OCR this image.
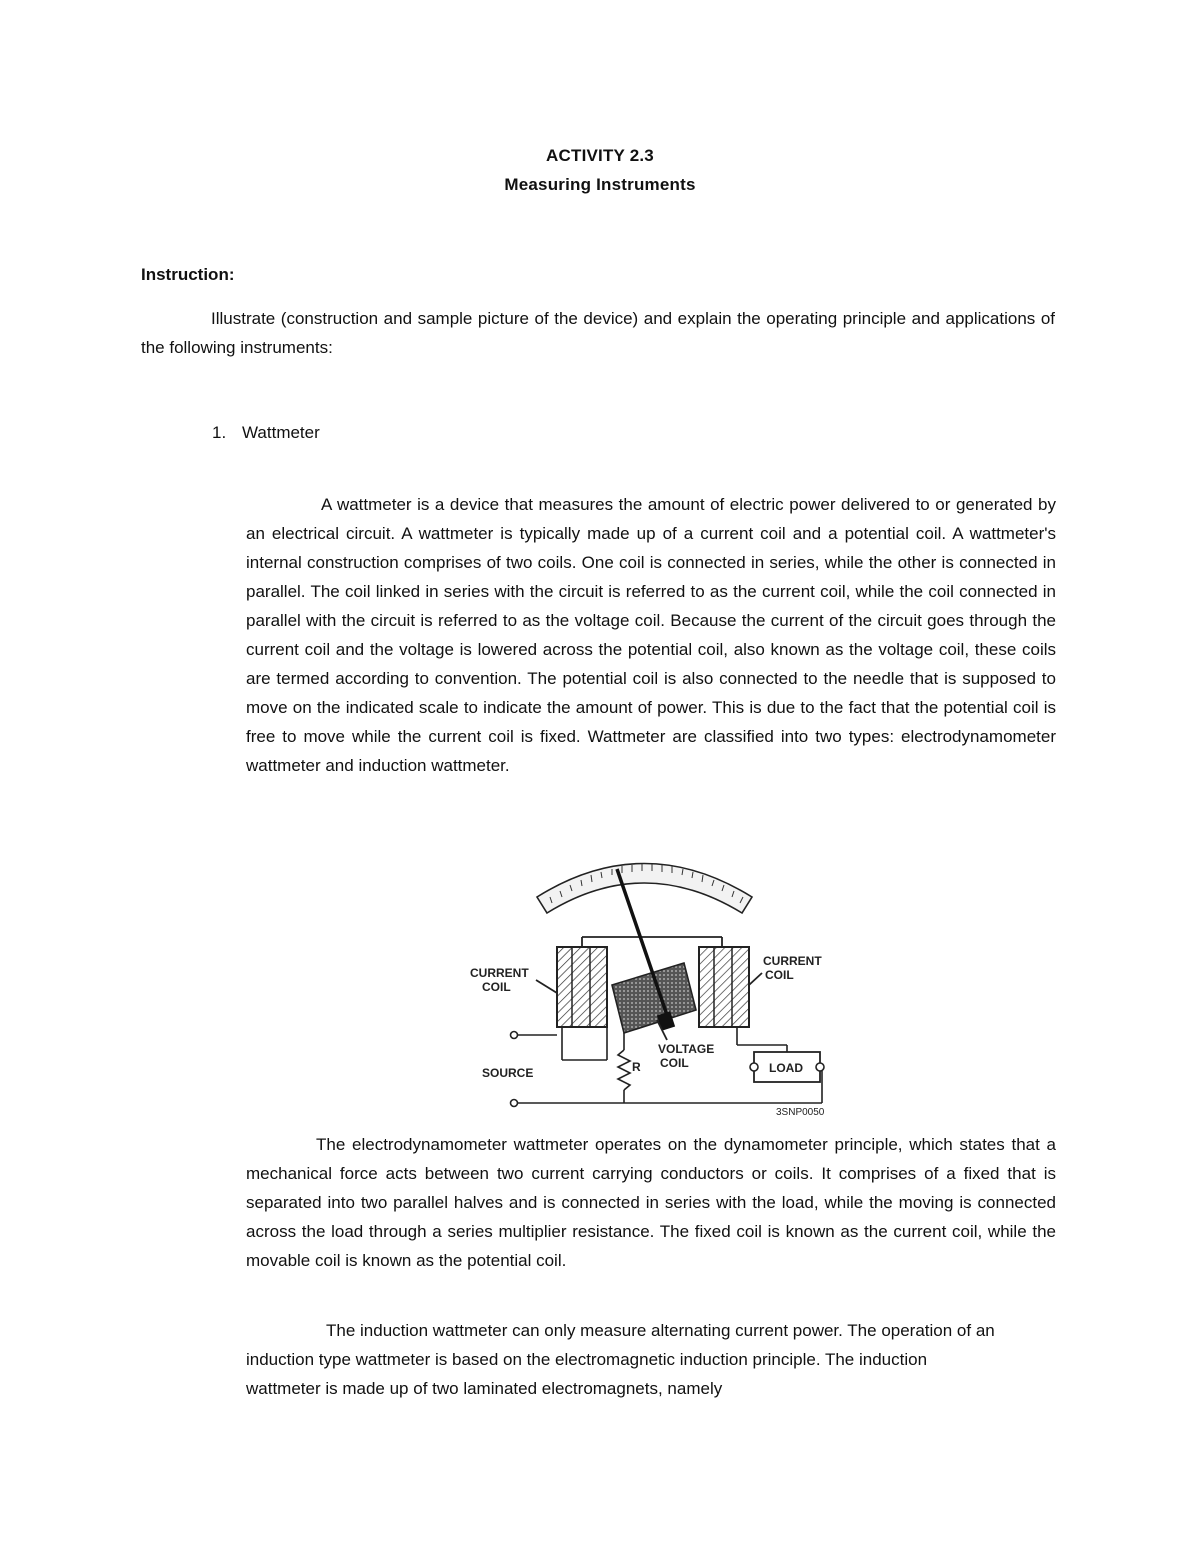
ACTIVITY 2.3
Measuring Instruments
Instruction:
Illustrate (construction and sample picture of the device) and explain the operating principle and applications of the following instruments:
1. Wattmeter
A wattmeter is a device that measures the amount of electric power delivered to or generated by an electrical circuit. A wattmeter is typically made up of a current coil and a potential coil. A wattmeter's internal construction comprises of two coils. One coil is connected in series, while the other is connected in parallel. The coil linked in series with the circuit is referred to as the current coil, while the coil connected in parallel with the circuit is referred to as the voltage coil. Because the current of the circuit goes through the current coil and the voltage is lowered across the potential coil, also known as the voltage coil, these coils are termed according to convention. The potential coil is also connected to the needle that is supposed to move on the indicated scale to indicate the amount of power. This is due to the fact that the potential coil is free to move while the current coil is fixed. Wattmeter are classified into two types: electrodynamometer wattmeter and induction wattmeter.
CURRENT
COIL
CURRENT
COIL
VOLTAGE
COIL
SOURCE	R	LOAD
3SNP0050
The electrodynamometer wattmeter operates on the dynamometer principle, which states that a mechanical force acts between two current carrying conductors or coils. It comprises of a fixed that is separated into two parallel halves and is connected in series with the load, while the moving is connected across the load through a series multiplier resistance. The fixed coil is known as the current coil, while the movable coil is known as the potential coil.
The induction wattmeter can only measure alternating current power. The operation of an induction type wattmeter is based on the electromagnetic induction principle. The induction wattmeter is made up of two laminated electromagnets, namely
